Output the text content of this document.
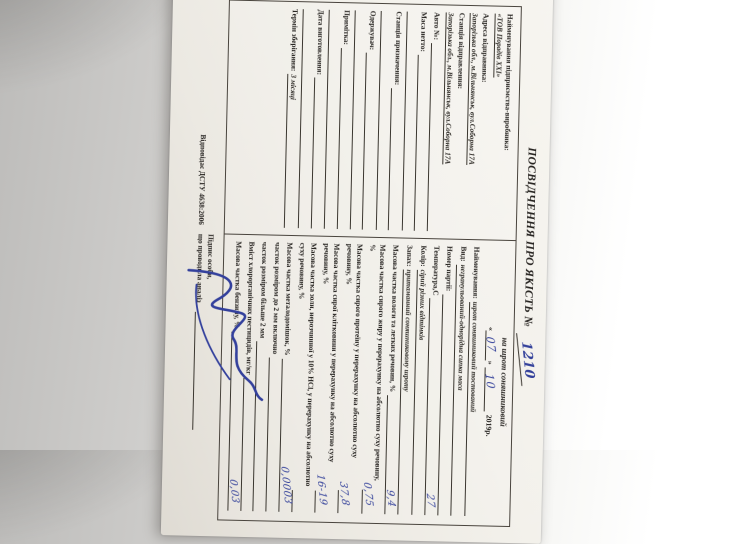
ПОСВІДЧЕННЯ ПРО ЯКІСТЬ № 1210
Найменування підприємства-виробника:
«ТОВ Порадів XXI»
Адреса відправника:
Запорізька обл., м.Вільнянськ, вул.Соборна 17А
Станція відправлення:
Запорізька обл., м.Вільнянськ, вул.Соборна 17А
Авто №:
Маса нетто:
Станція призначення:
Одержувач:
Примітка:
Дата виготовлення:
Термін зберігання:
3 місяці
на шрот соняшниковий
«
07
»
10
2019р.
Найменування:
шрот соняшниковий тостований
Вид:
негранульований-однорідна сипка маса
Номер партії:
Температура,С
27
Колір:
сірий різних відтінків
Запах:
притаманний соняшниковому шроту
Масова частка вологи та летких речовин, %
9,4
Масова частка сирого жиру у перерахунку на абсолютно суху речовину, %
0,75
Масова частка сирого протеїну у перерахунку на абсолютно суху речовину, %
37,8
Масова частка сирої клітковини у перерахунку на абсолютно суху речовину, %
16-19
Масова частка золи, нерозчинної у 10% HCl, у перерахунку на абсолютно суху речовину, %
Масова частка металодомішок, %
0,0003
часток розміром до 2 мм включно
часток розміром більше 2 мм
Вміст хлорорганічних пестицидів, мг/кг
Масова частка бензину, %
0,03
Відповідає ДСТУ 4638:2006
Підпис особи,
що проводила аналіз
